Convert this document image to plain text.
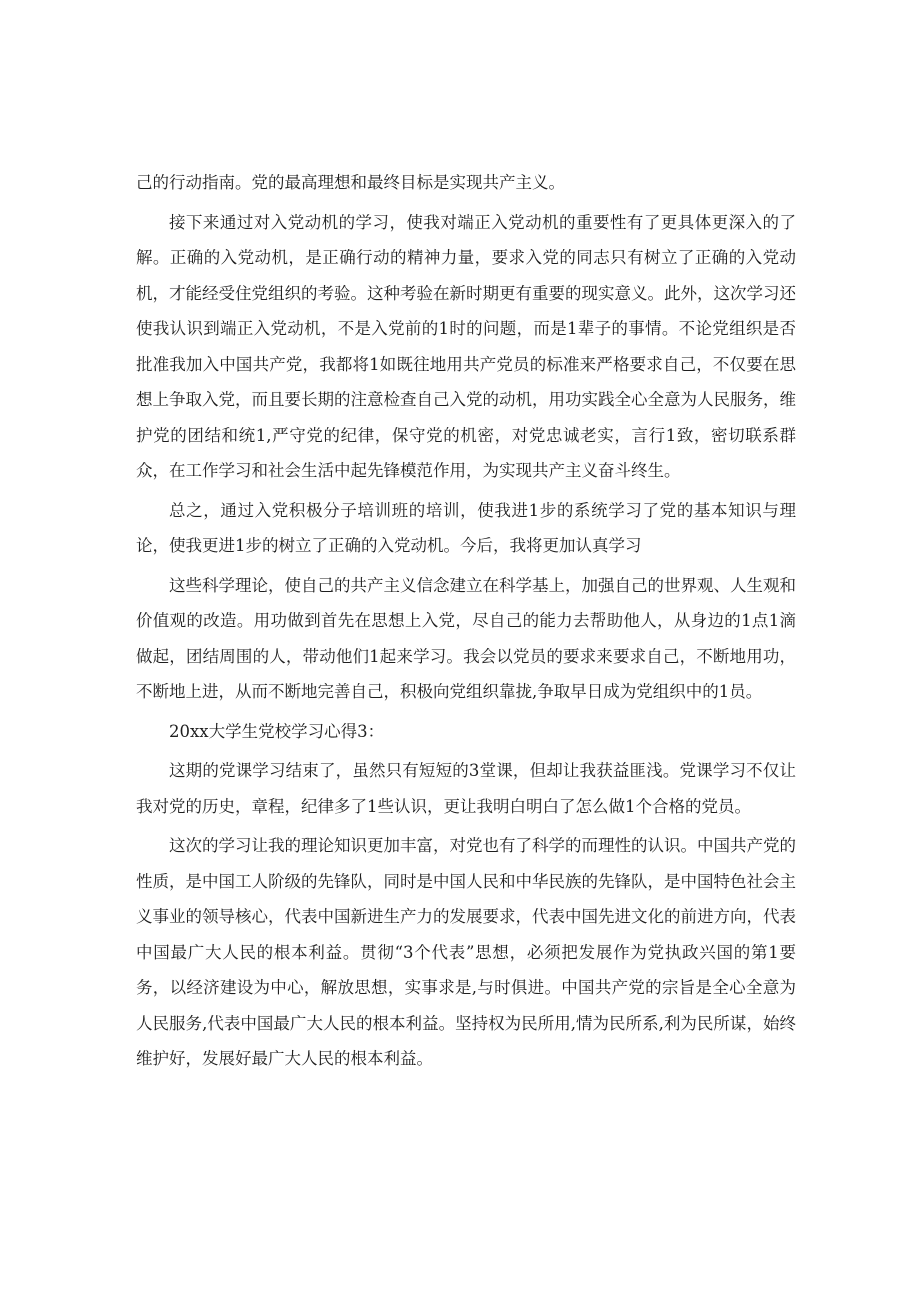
己的行动指南。党的最高理想和最终目标是实现共产主义。

接下来通过对入党动机的学习，使我对端正入党动机的重要性有了更具体更深入的了解。正确的入党动机，是正确行动的精神力量，要求入党的同志只有树立了正确的入党动机，才能经受住党组织的考验。这种考验在新时期更有重要的现实意义。此外，这次学习还使我认识到端正入党动机，不是入党前的1时的问题，而是1辈子的事情。不论党组织是否批准我加入中国共产党，我都将1如既往地用共产党员的标准来严格要求自己，不仅要在思想上争取入党，而且要长期的注意检查自己入党的动机，用功实践全心全意为人民服务，维护党的团结和统1,严守党的纪律，保守党的机密，对党忠诚老实，言行1致，密切联系群众，在工作学习和社会生活中起先锋模范作用，为实现共产主义奋斗终生。

总之，通过入党积极分子培训班的培训，使我进1步的系统学习了党的基本知识与理论，使我更进1步的树立了正确的入党动机。今后，我将更加认真学习

这些科学理论，使自己的共产主义信念建立在科学基上，加强自己的世界观、人生观和价值观的改造。用功做到首先在思想上入党，尽自己的能力去帮助他人，从身边的1点1滴做起，团结周围的人，带动他们1起来学习。我会以党员的要求来要求自己，不断地用功，不断地上进，从而不断地完善自己，积极向党组织靠拢,争取早日成为党组织中的1员。

20xx大学生党校学习心得3：

这期的党课学习结束了，虽然只有短短的3堂课，但却让我获益匪浅。党课学习不仅让我对党的历史，章程，纪律多了1些认识，更让我明白明白了怎么做1个合格的党员。

这次的学习让我的理论知识更加丰富，对党也有了科学的而理性的认识。中国共产党的性质，是中国工人阶级的先锋队，同时是中国人民和中华民族的先锋队，是中国特色社会主义事业的领导核心，代表中国新进生产力的发展要求，代表中国先进文化的前进方向，代表中国最广大人民的根本利益。贯彻“3个代表”思想，必须把发展作为党执政兴国的第1要务，以经济建设为中心，解放思想，实事求是,与时俱进。中国共产党的宗旨是全心全意为人民服务,代表中国最广大人民的根本利益。坚持权为民所用,情为民所系,利为民所谋，始终维护好，发展好最广大人民的根本利益。
